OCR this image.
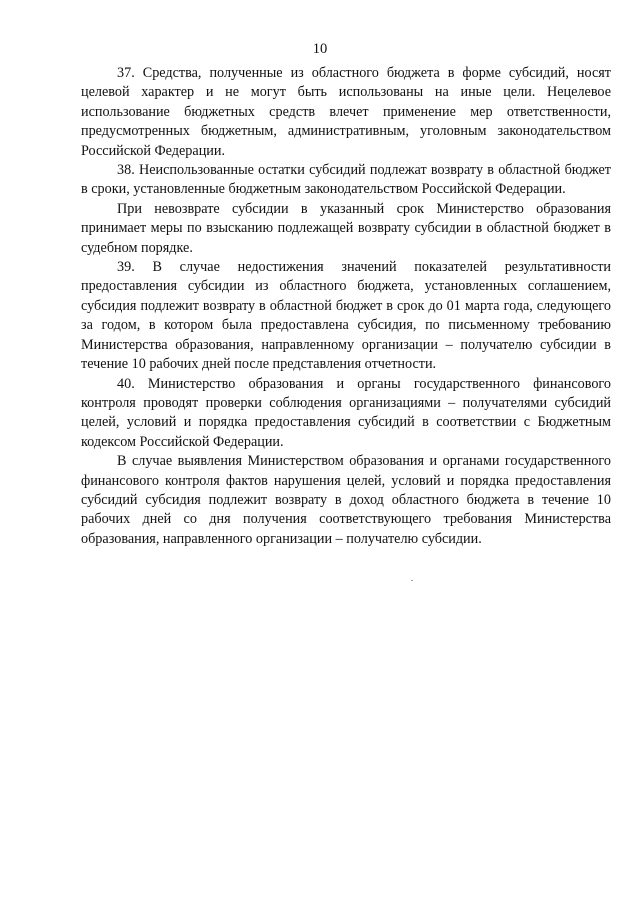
10

37. Средства, полученные из областного бюджета в форме субсидий, носят целевой характер и не могут быть использованы на иные цели. Нецелевое использование бюджетных средств влечет применение мер ответственности, предусмотренных бюджетным, административным, уголовным законодательством Российской Федерации.

38. Неиспользованные остатки субсидий подлежат возврату в областной бюджет в сроки, установленные бюджетным законодательством Российской Федерации.

При невозврате субсидии в указанный срок Министерство образования принимает меры по взысканию подлежащей возврату субсидии в областной бюджет в судебном порядке.

39. В случае недостижения значений показателей результативности предоставления субсидии из областного бюджета, установленных соглашением, субсидия подлежит возврату в областной бюджет в срок до 01 марта года, следующего за годом, в котором была предоставлена субсидия, по письменному требованию Министерства образования, направленному организации – получателю субсидии в течение 10 рабочих дней после представления отчетности.

40. Министерство образования и органы государственного финансового контроля проводят проверки соблюдения организациями – получателями субсидий целей, условий и порядка предоставления субсидий в соответствии с Бюджетным кодексом Российской Федерации.

В случае выявления Министерством образования и органами государственного финансового контроля фактов нарушения целей, условий и порядка предоставления субсидий субсидия подлежит возврату в доход областного бюджета в течение 10 рабочих дней со дня получения соответствующего требования Министерства образования, направленного организации – получателю субсидии.
